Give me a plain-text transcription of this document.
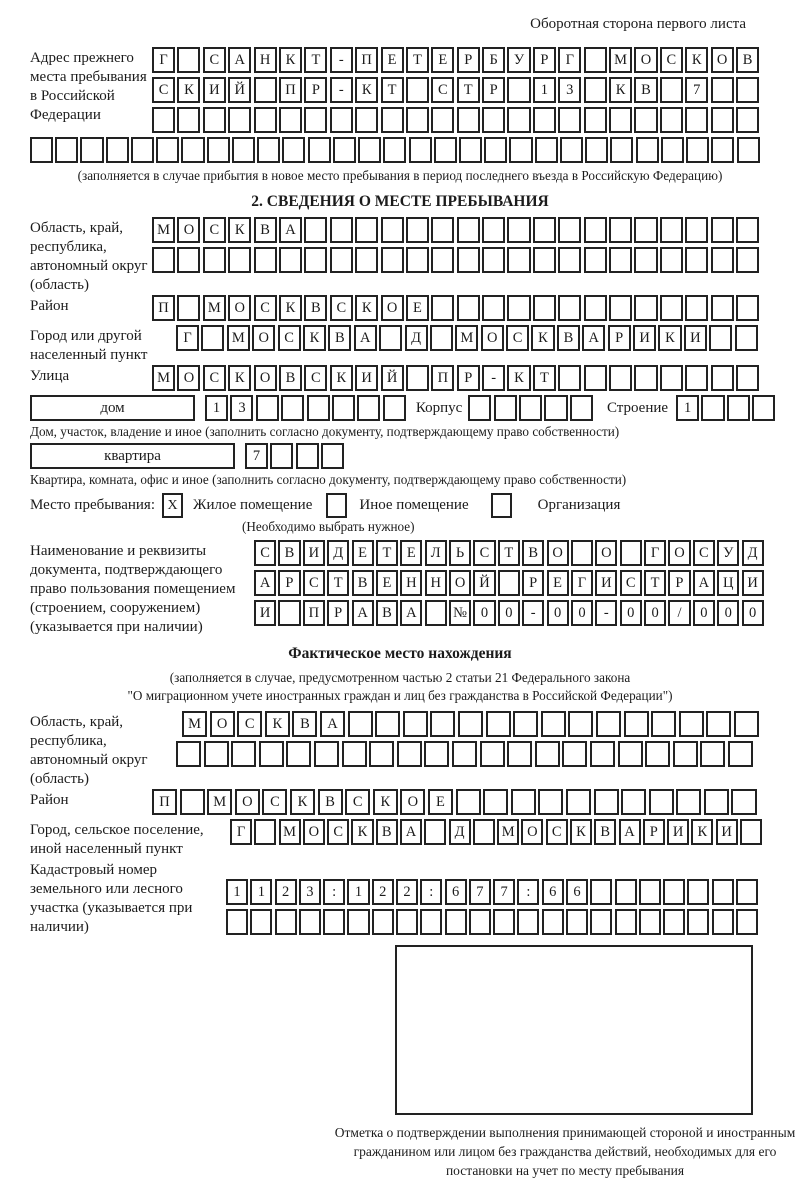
Оборотная сторона первого листа
Адрес прежнего места пребывания в Российской Федерации
Г	С	А	Н	К	Т	-	П	Е	Т	Е	Р	Б	У	Р	Г	М О	С	К	О	В
С	К	И	Й	П	Р	-	К	Т	С	Т	Р	1	3	К	В	7
(заполняется в случае прибытия в новое место пребывания в период последнего въезда в Российскую Федерацию)
2. СВЕДЕНИЯ О МЕСТЕ ПРЕБЫВАНИЯ
Область, край, республика, автономный округ (область)
М О	С	К	В	А
Район	П	М О	С	К	В	С	К	О	Е
Город или другой населенный пункт
Г	М О	С	К	В	А	Д	М О	С	К	В	А	Р	И	К	И
Улица	М О	С	К	О	В	С	К	И	Й	П	Р	-	К	Т
дом	1	3	Корпус	Строение	1
Дом, участок, владение и иное (заполнить согласно документу, подтверждающему право собственности)
квартира	7
Квартира, комната, офис и иное (заполнить согласно документу, подтверждающему право собственности)
Место пребывания: X	Жилое помещение	Иное помещение	Организация
(Необходимо выбрать нужное)
Наименование и реквизиты документа, подтверждающего право пользования помещением (строением, сооружением) (указывается при наличии)
С	В И Д	Е	Т	Е	Л	Ь	С	Т	В О	О	Г	О С У Д
А	Р	С	Т	В	Е	Н Н О Й	Р	Е	Г	И С	Т	Р	А Ц И
И	П	Р	А В А	№ 0	0	-	0	0	-	0	0	/	0	0	0
Фактическое место нахождения
(заполняется в случае, предусмотренном частью 2 статьи 21 Федерального закона
"О миграционном учете иностранных граждан и лиц без гражданства в Российской Федерации")
Область, край, республика, автономный округ (область)
М	О	С	К	В	А
Район	П	М	О	С	К	В	С	К	О	Е
Город, сельское поселение, иной населенный пункт
Г	М О С	К	В А	Д	М О С	К	В А	Р	И К И
Кадастровый номер земельного или лесного участка (указывается при наличии)
1	1	2	3	:	1	2	2	:	6	7	7	:	6	6
Отметка о подтверждении выполнения принимающей стороной и иностранным гражданином или лицом без гражданства действий, необходимых для его постановки на учет по месту пребывания
